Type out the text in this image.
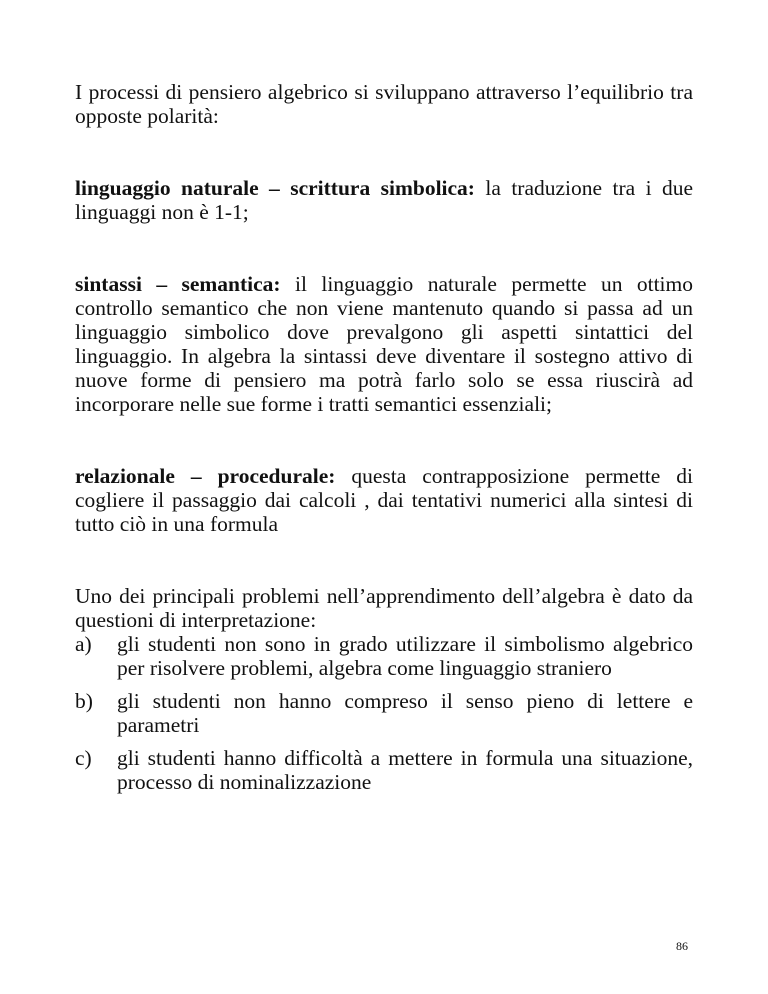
I processi di pensiero algebrico si sviluppano attraverso l’equilibrio tra opposte polarità:

linguaggio naturale – scrittura simbolica: la traduzione tra i due linguaggi non è 1-1;

sintassi – semantica: il linguaggio naturale permette un ottimo controllo semantico che non viene mantenuto quando si passa ad un linguaggio simbolico dove prevalgono gli aspetti sintattici del linguaggio. In algebra la sintassi deve diventare il sostegno attivo di nuove forme di pensiero ma potrà farlo solo se essa riuscirà ad incorporare nelle sue forme i tratti semantici essenziali;

relazionale – procedurale: questa contrapposizione permette di cogliere il passaggio dai calcoli , dai tentativi numerici alla sintesi di tutto ciò in una formula

Uno dei principali problemi nell’apprendimento dell’algebra è dato da questioni di interpretazione:

a) gli studenti non sono in grado utilizzare il simbolismo algebrico per risolvere problemi, algebra come linguaggio straniero
b) gli studenti non hanno compreso il senso pieno di lettere e parametri
c) gli studenti hanno difficoltà a mettere in formula una situazione, processo di nominalizzazione
86
